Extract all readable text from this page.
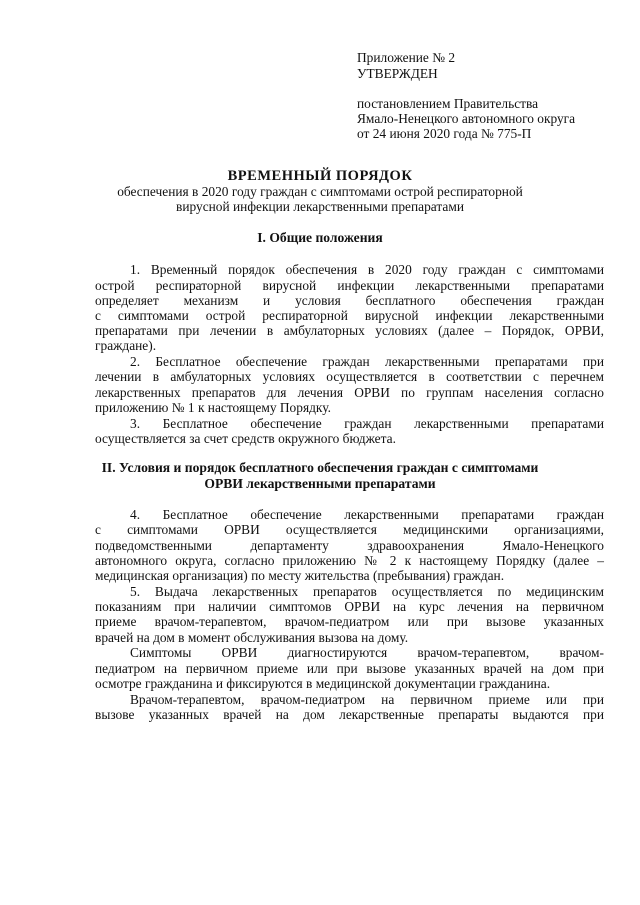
Приложение № 2
УТВЕРЖДЕН
постановлением Правительства
Ямало-Ненецкого автономного округа
от 24 июня 2020 года № 775-П
ВРЕМЕННЫЙ ПОРЯДОК
обеспечения в 2020 году граждан с симптомами острой респираторной
вирусной инфекции лекарственными препаратами
I. Общие положения
1. Временный порядок обеспечения в 2020 году граждан с симптомами
острой респираторной вирусной инфекции лекарственными препаратами
определяет механизм и условия бесплатного обеспечения граждан
с симптомами острой респираторной вирусной инфекции лекарственными
препаратами при лечении в амбулаторных условиях (далее – Порядок, ОРВИ,
граждане).
2. Бесплатное обеспечение граждан лекарственными препаратами при
лечении в амбулаторных условиях осуществляется в соответствии с перечнем
лекарственных препаратов для лечения ОРВИ по группам населения согласно
приложению № 1 к настоящему Порядку.
3. Бесплатное обеспечение граждан лекарственными препаратами
осуществляется за счет средств окружного бюджета.
II. Условия и порядок бесплатного обеспечения граждан с симптомами
ОРВИ лекарственными препаратами
4. Бесплатное обеспечение лекарственными препаратами граждан
с симптомами ОРВИ осуществляется медицинскими организациями,
подведомственными департаменту здравоохранения Ямало-Ненецкого
автономного округа, согласно приложению № 2 к настоящему Порядку (далее –
медицинская организация) по месту жительства (пребывания) граждан.
5. Выдача лекарственных препаратов осуществляется по медицинским
показаниям при наличии симптомов ОРВИ на курс лечения на первичном
приеме врачом-терапевтом, врачом-педиатром или при вызове указанных
врачей на дом в момент обслуживания вызова на дому.
Симптомы ОРВИ диагностируются врачом-терапевтом, врачом-
педиатром на первичном приеме или при вызове указанных врачей на дом при
осмотре гражданина и фиксируются в медицинской документации гражданина.
Врачом-терапевтом, врачом-педиатром на первичном приеме или при
вызове указанных врачей на дом лекарственные препараты выдаются при
